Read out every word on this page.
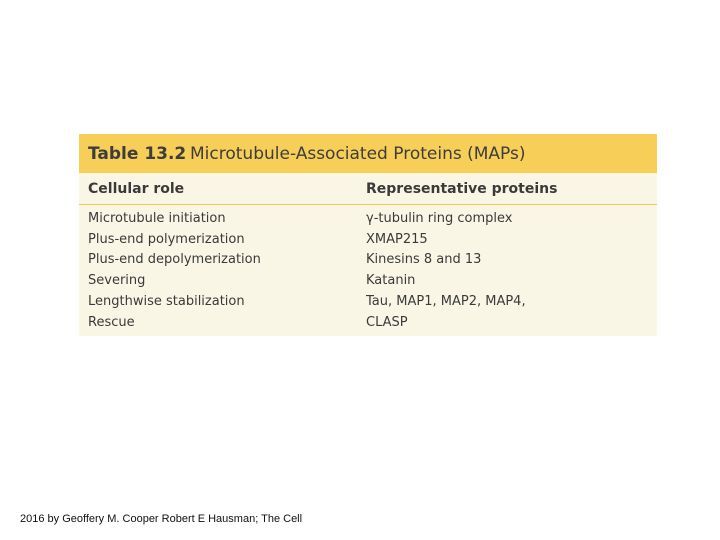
Table 13.2 Microtubule-Associated Proteins (MAPs)
Cellular role	Representative proteins
Microtubule initiation	γ-tubulin ring complex
Plus-end polymerization	XMAP215
Plus-end depolymerization	Kinesins 8 and 13
Severing	Katanin
Lengthwise stabilization	Tau, MAP1, MAP2, MAP4,
Rescue	CLASP
2016 by Geoffery M. Cooper Robert E Hausman; The Cell
